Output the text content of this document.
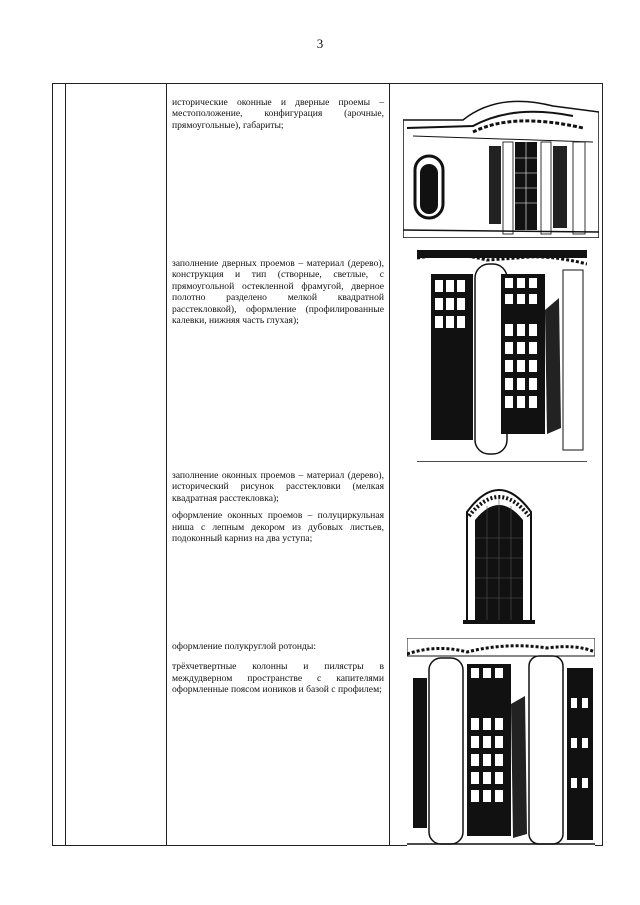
3

исторические оконные и дверные проемы – местоположение, конфигурация (арочные, прямоугольные), габариты;

заполнение дверных проемов – материал (дерево), конструкция и тип (створные, светлые, с прямоугольной остекленной фрамугой, дверное полотно разделено мелкой квадратной расстекловкой), оформление (профилированные калевки, нижняя часть глухая);

заполнение оконных проемов – материал (дерево), исторический рисунок расстекловки (мелкая квадратная расстекловка);

оформление оконных проемов – полуциркульная ниша с лепным декором из дубовых листьев, подоконный карниз на два уступа;

оформление полукруглой ротонды:

трёхчетвертные колонны и пилястры в междудверном пространстве с капителями оформленные поясом иоников и базой с профилем;
